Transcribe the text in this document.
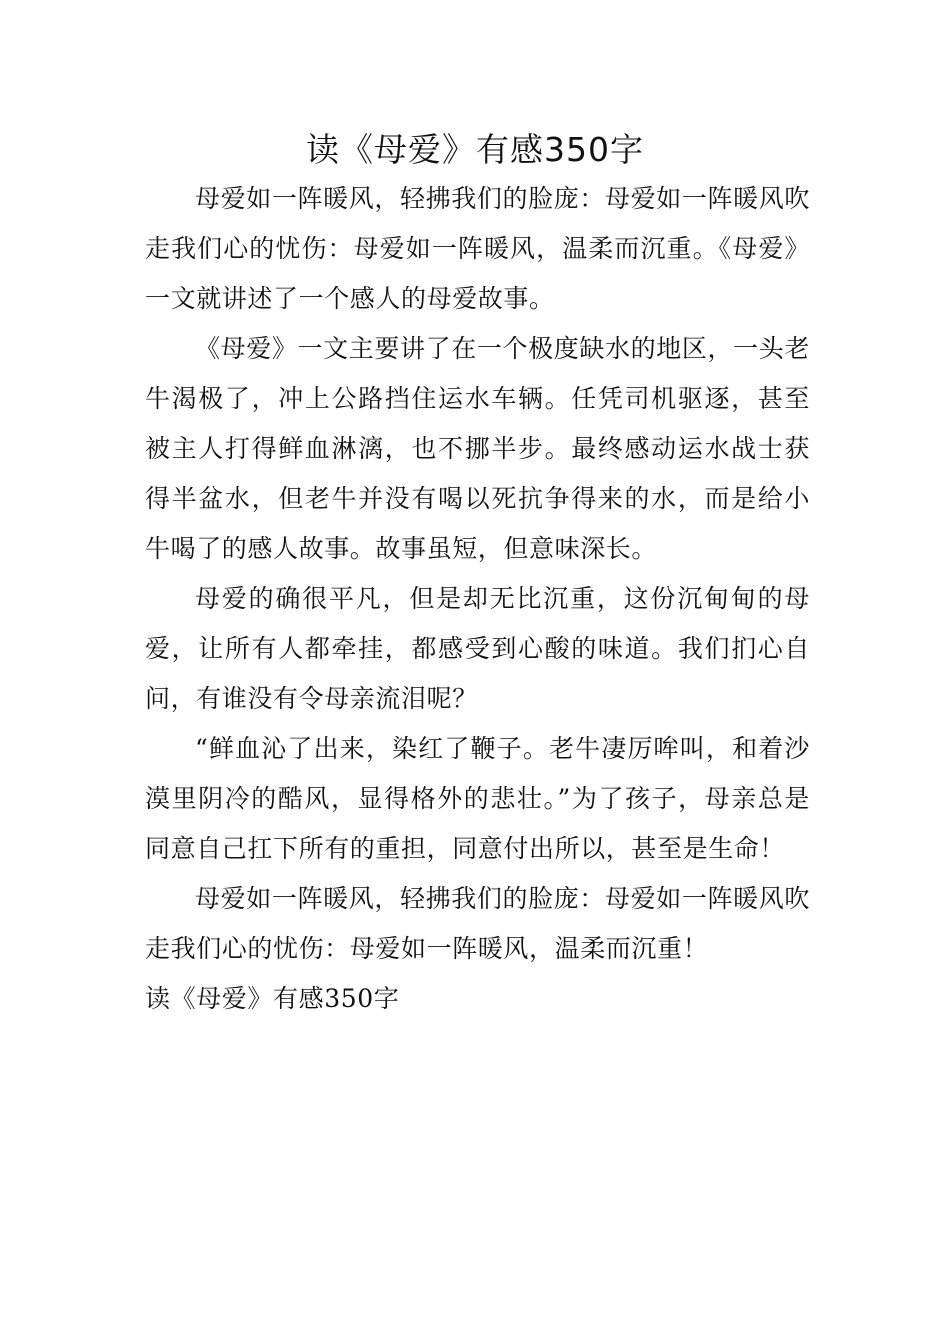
读《母爱》有感350字

母爱如一阵暖风，轻拂我们的脸庞：母爱如一阵暖风吹走我们心的忧伤：母爱如一阵暖风，温柔而沉重。《母爱》一文就讲述了一个感人的母爱故事。

《母爱》一文主要讲了在一个极度缺水的地区，一头老牛渴极了，冲上公路挡住运水车辆。任凭司机驱逐，甚至被主人打得鲜血淋漓，也不挪半步。最终感动运水战士获得半盆水，但老牛并没有喝以死抗争得来的水，而是给小牛喝了的感人故事。故事虽短，但意味深长。

母爱的确很平凡，但是却无比沉重，这份沉甸甸的母爱，让所有人都牵挂，都感受到心酸的味道。我们扪心自问，有谁没有令母亲流泪呢？

“鲜血沁了出来，染红了鞭子。老牛凄厉哞叫，和着沙漠里阴冷的酷风，显得格外的悲壮。”为了孩子，母亲总是同意自己扛下所有的重担，同意付出所以，甚至是生命！

母爱如一阵暖风，轻拂我们的脸庞：母爱如一阵暖风吹走我们心的忧伤：母爱如一阵暖风，温柔而沉重！

读《母爱》有感350字
